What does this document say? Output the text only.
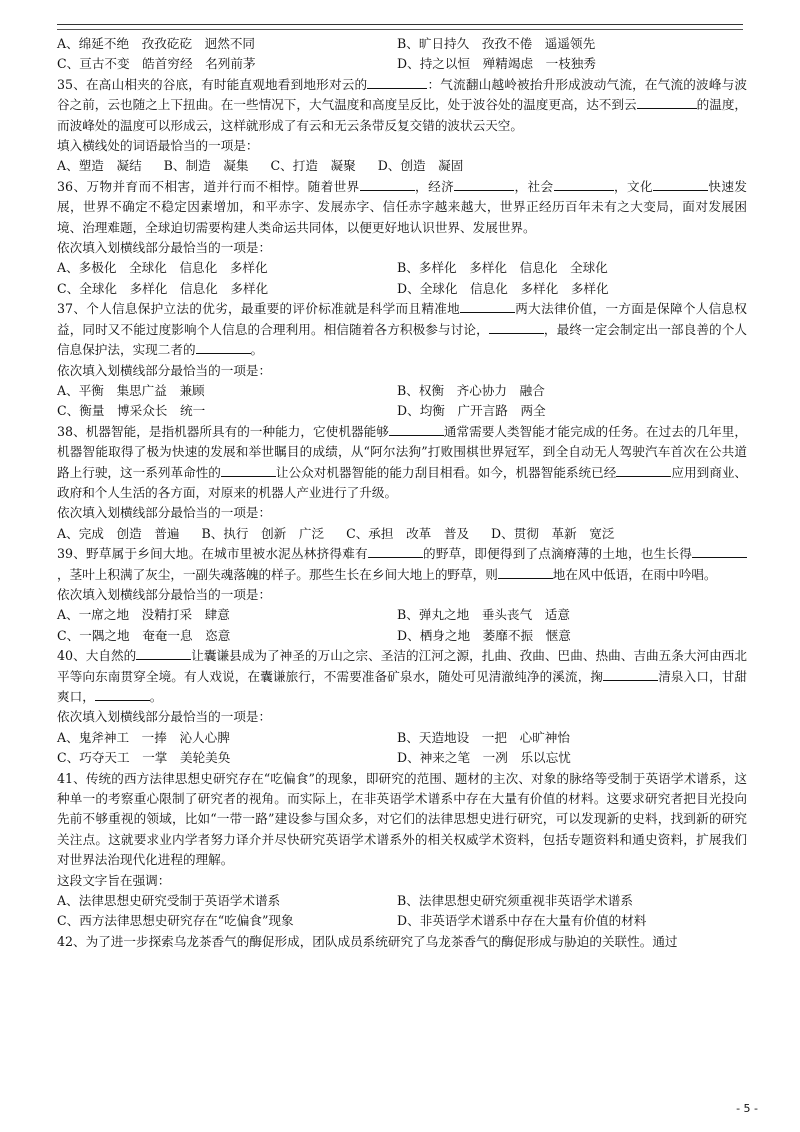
A、绵延不绝　孜孜矻矻　迥然不同	B、旷日持久　孜孜不倦　遥遥领先
C、亘古不变　皓首穷经　名列前茅	D、持之以恒　殚精竭虑　一枝独秀

35、在高山相夹的谷底，有时能直观地看到地形对云的	：气流翻山越岭被抬升形成波动气流，在气流的波峰与波谷之前，云也随之上下扭曲。在一些情况下，大气温度和高度呈反比，处于波谷处的温度更高，达不到云	的温度，而波峰处的温度可以形成云，这样就形成了有云和无云条带反复交错的波状云天空。

填入横线处的词语最恰当的一项是：
A、塑造　凝结 B、制造　凝集 C、打造　凝聚 D、创造　凝固

36、万物并育而不相害，道并行而不相悖。随着世界	，经济	，社会	，文化	快速发展，世界不确定不稳定因素增加，和平赤字、发展赤字、信任赤字越来越大，世界正经历百年未有之大变局，面对发展困境、治理难题，全球迫切需要构建人类命运共同体，以便更好地认识世界、发展世界。

依次填入划横线部分最恰当的一项是：
A、多极化　全球化　信息化　多样化	B、多样化　多样化　信息化　全球化
C、全球化　多样化　信息化　多样化	D、全球化　信息化　多样化　多样化

37、个人信息保护立法的优劣，最重要的评价标准就是科学而且精准地	两大法律价值，一方面是保障个人信息权益，同时又不能过度影响个人信息的合理利用。相信随着各方积极参与讨论，	，最终一定会制定出一部良善的个人信息保护法，实现二者的	。

依次填入划横线部分最恰当的一项是：
A、平衡　集思广益　兼顾	B、权衡　齐心协力　融合
C、衡量　博采众长　统一	D、均衡　广开言路　两全

38、机器智能，是指机器所具有的一种能力，它使机器能够	通常需要人类智能才能完成的任务。在过去的几年里，机器智能取得了极为快速的发展和举世瞩目的成绩，从“阿尔法狗”打败围棋世界冠军，到全自动无人驾驶汽车首次在公共道路上行驶，这一系列革命性的	让公众对机器智能的能力刮目相看。如今，机器智能系统已经	应用到商业、政府和个人生活的各方面，对原来的机器人产业进行了升级。

依次填入划横线部分最恰当的一项是：
A、完成　创造　普遍 B、执行　创新　广泛 C、承担　改革　普及 D、贯彻　革新　宽泛

39、野草属于乡间大地。在城市里被水泥丛林挤得难有	的野草，即便得到了点滴瘠薄的土地，也生长得，茎叶上积满了灰尘，一副失魂落魄的样子。那些生长在乡间大地上的野草，则	地在风中低语，在雨中吟唱。

依次填入划横线部分最恰当的一项是：
A、一席之地　没精打采　肆意	B、弹丸之地　垂头丧气　适意
C、一隅之地　奄奄一息　恣意	D、栖身之地　萎靡不振　惬意

40、大自然的	让囊谦县成为了神圣的万山之宗、圣洁的江河之源，扎曲、孜曲、巴曲、热曲、吉曲五条大河由西北平等向东南贯穿全境。有人戏说，在囊谦旅行，不需要准备矿泉水，随处可见清澈纯净的溪流，掬	清泉入口，甘甜爽口，	。

依次填入划横线部分最恰当的一项是：
A、鬼斧神工　一捧　沁人心脾	B、天造地设　一把　心旷神怡
C、巧夺天工　一掌　美轮美奂	D、神来之笔　一冽　乐以忘忧

41、传统的西方法律思想史研究存在“吃偏食”的现象，即研究的范围、题材的主次、对象的脉络等受制于英语学术谱系，这种单一的考察重心限制了研究者的视角。而实际上，在非英语学术谱系中存在大量有价值的材料。这要求研究者把目光投向先前不够重视的领域，比如“一带一路”建设参与国众多，对它们的法律思想史进行研究，可以发现新的史料，找到新的研究关注点。这就要求业内学者努力译介并尽快研究英语学术谱系外的相关权威学术资料，包括专题资料和通史资料，扩展我们对世界法治现代化进程的理解。

这段文字旨在强调：
A、法律思想史研究受制于英语学术谱系	B、法律思想史研究须重视非英语学术谱系
C、西方法律思想史研究存在“吃偏食”现象	D、非英语学术谱系中存在大量有价值的材料

42、为了进一步探索乌龙茶香气的酶促形成，团队成员系统研究了乌龙茶香气的酶促形成与胁迫的关联性。通过

- 5 -
